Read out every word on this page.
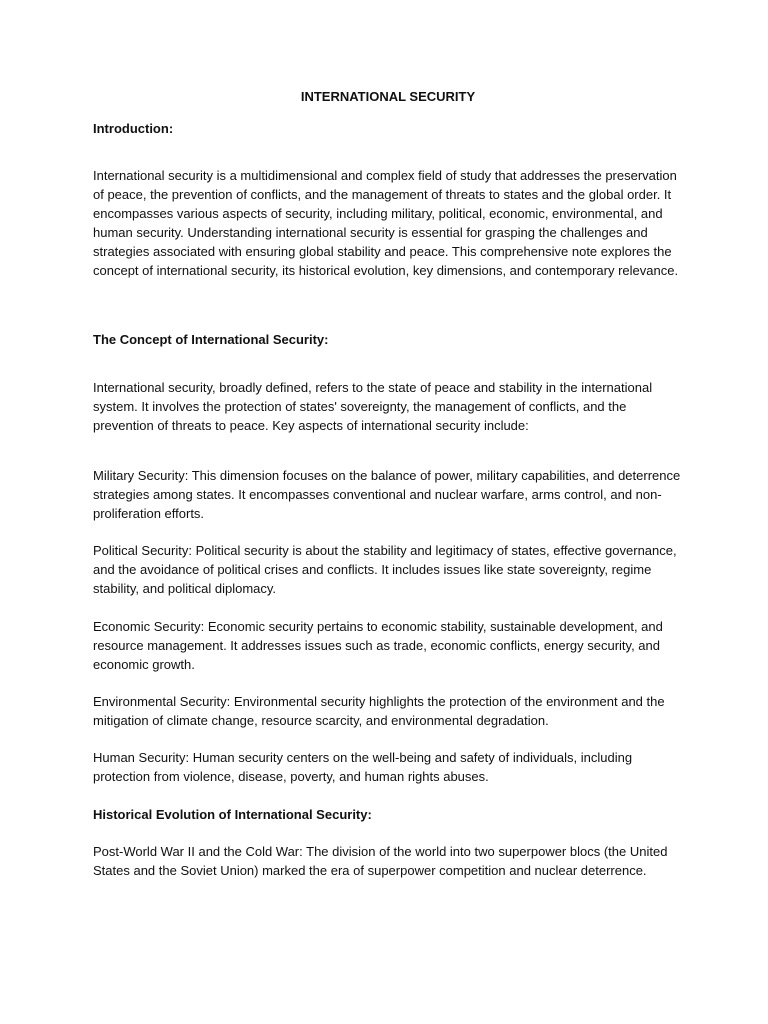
INTERNATIONAL SECURITY

Introduction:

International security is a multidimensional and complex field of study that addresses the preservation of peace, the prevention of conflicts, and the management of threats to states and the global order. It encompasses various aspects of security, including military, political, economic, environmental, and human security. Understanding international security is essential for grasping the challenges and strategies associated with ensuring global stability and peace. This comprehensive note explores the concept of international security, its historical evolution, key dimensions, and contemporary relevance.

The Concept of International Security:

International security, broadly defined, refers to the state of peace and stability in the international system. It involves the protection of states' sovereignty, the management of conflicts, and the prevention of threats to peace. Key aspects of international security include:

Military Security: This dimension focuses on the balance of power, military capabilities, and deterrence strategies among states. It encompasses conventional and nuclear warfare, arms control, and non-proliferation efforts.

Political Security: Political security is about the stability and legitimacy of states, effective governance, and the avoidance of political crises and conflicts. It includes issues like state sovereignty, regime stability, and political diplomacy.

Economic Security: Economic security pertains to economic stability, sustainable development, and resource management. It addresses issues such as trade, economic conflicts, energy security, and economic growth.

Environmental Security: Environmental security highlights the protection of the environment and the mitigation of climate change, resource scarcity, and environmental degradation.

Human Security: Human security centers on the well-being and safety of individuals, including protection from violence, disease, poverty, and human rights abuses.

Historical Evolution of International Security:

Post-World War II and the Cold War: The division of the world into two superpower blocs (the United States and the Soviet Union) marked the era of superpower competition and nuclear deterrence.
